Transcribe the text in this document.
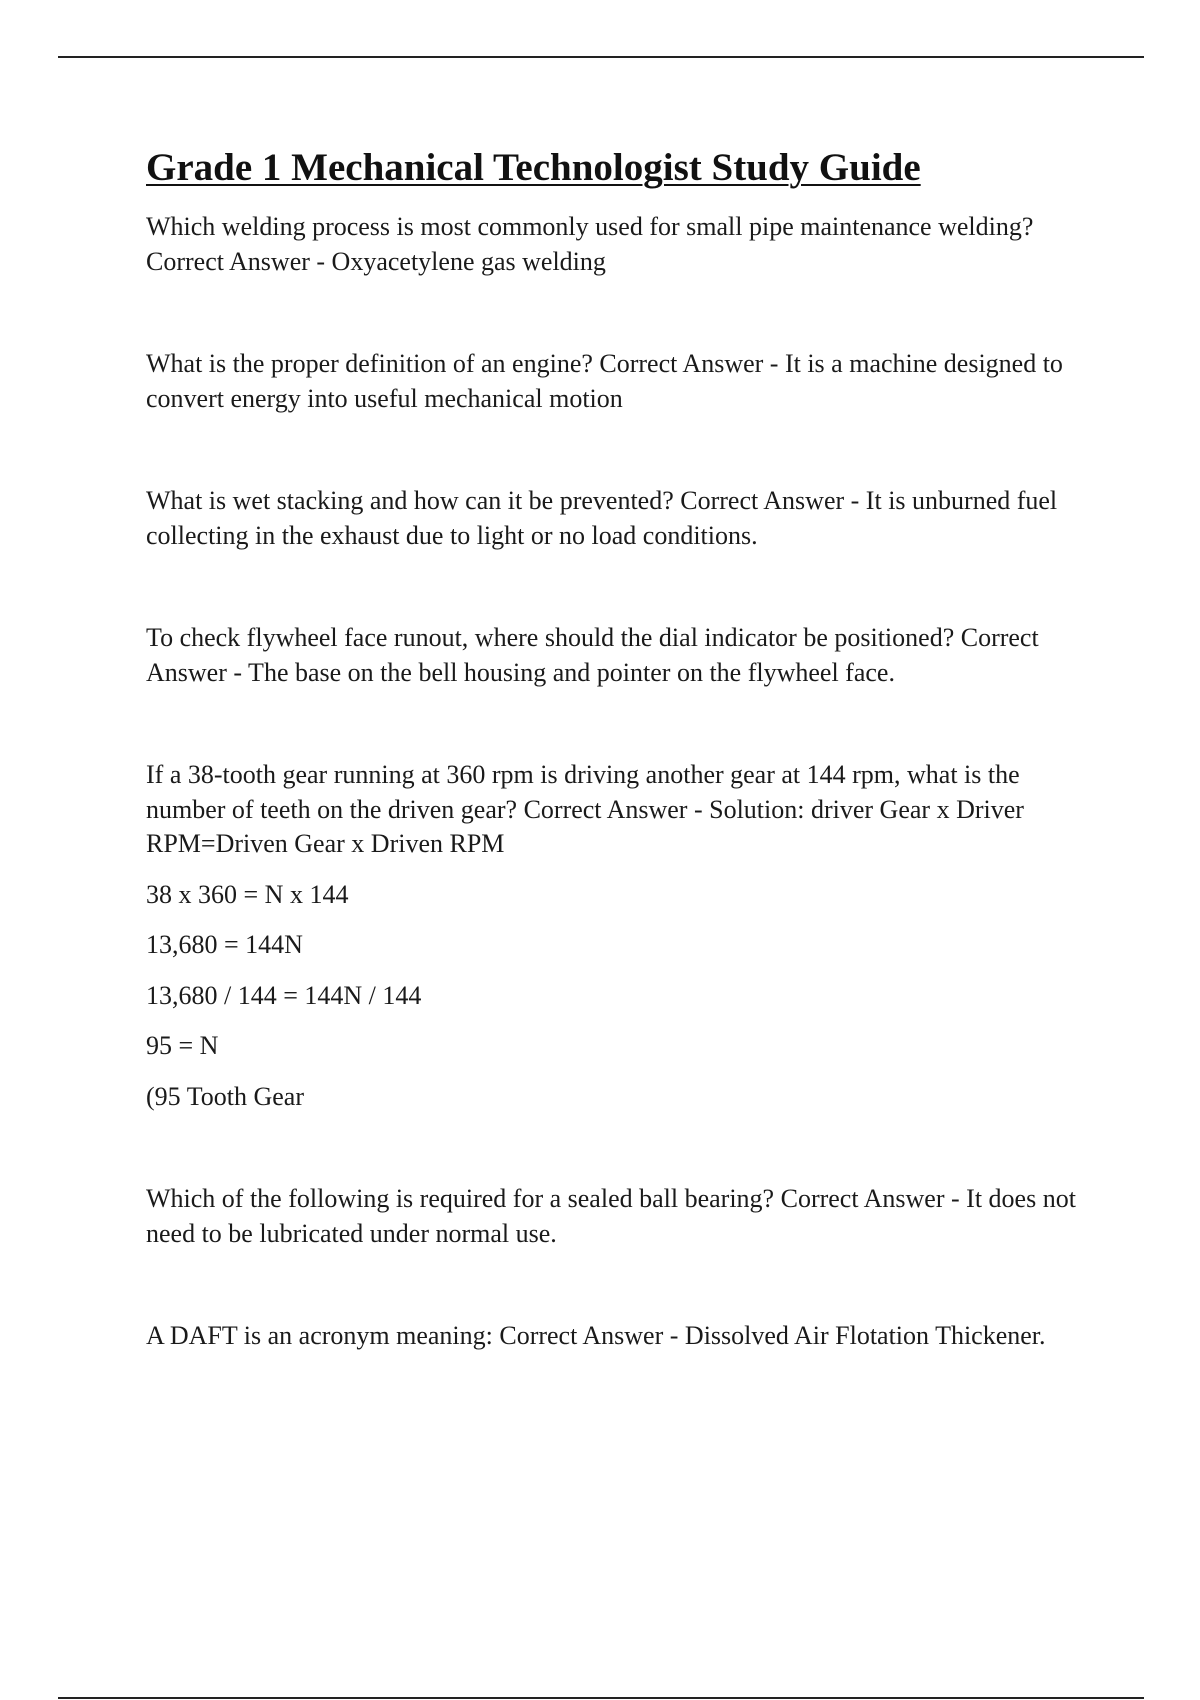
Grade 1 Mechanical Technologist Study Guide

Which welding process is most commonly used for small pipe maintenance welding? Correct Answer - Oxyacetylene gas welding

What is the proper definition of an engine? Correct Answer - It is a machine designed to convert energy into useful mechanical motion

What is wet stacking and how can it be prevented? Correct Answer - It is unburned fuel collecting in the exhaust due to light or no load conditions.

To check flywheel face runout, where should the dial indicator be positioned? Correct Answer - The base on the bell housing and pointer on the flywheel face.

If a 38-tooth gear running at 360 rpm is driving another gear at 144 rpm, what is the number of teeth on the driven gear? Correct Answer - Solution: driver Gear x Driver RPM=Driven Gear x Driven RPM

38 x 360 = N x 144

13,680 = 144N

13,680 / 144 = 144N / 144

95 = N

(95 Tooth Gear

Which of the following is required for a sealed ball bearing? Correct Answer - It does not need to be lubricated under normal use.

A DAFT is an acronym meaning: Correct Answer - Dissolved Air Flotation Thickener.
